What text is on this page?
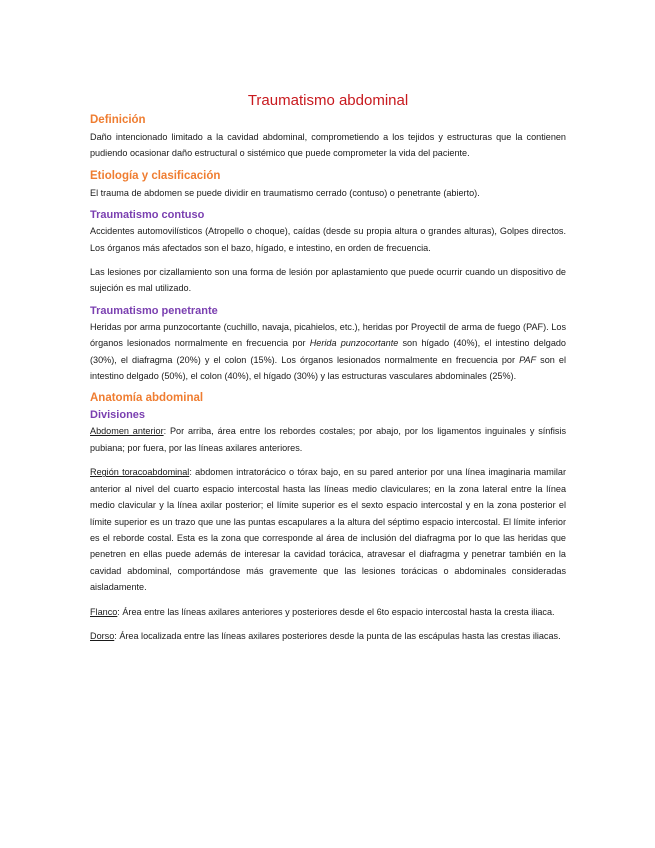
Traumatismo abdominal
Definición

Daño intencionado limitado a la cavidad abdominal, comprometiendo a los tejidos y estructuras que la contienen pudiendo ocasionar daño estructural o sistémico que puede comprometer la vida del paciente.

Etiología y clasificación

El trauma de abdomen se puede dividir en traumatismo cerrado (contuso) o penetrante (abierto).

Traumatismo contuso

Accidentes automovilísticos (Atropello o choque), caídas (desde su propia altura o grandes alturas), Golpes directos. Los órganos más afectados son el bazo, hígado, e intestino, en orden de frecuencia.

Las lesiones por cizallamiento son una forma de lesión por aplastamiento que puede ocurrir cuando un dispositivo de sujeción es mal utilizado.

Traumatismo penetrante

Heridas por arma punzocortante (cuchillo, navaja, picahielos, etc.), heridas por Proyectil de arma de fuego (PAF). Los órganos lesionados normalmente en frecuencia por Herida punzocortante son hígado (40%), el intestino delgado (30%), el diafragma (20%) y el colon (15%). Los órganos lesionados normalmente en frecuencia por PAF son el intestino delgado (50%), el colon (40%), el hígado (30%) y las estructuras vasculares abdominales (25%).

Anatomía abdominal
Divisiones

Abdomen anterior: Por arriba, área entre los rebordes costales; por abajo, por los ligamentos inguinales y sínfisis pubiana; por fuera, por las líneas axilares anteriores.

Región toracoabdominal: abdomen intratorácico o tórax bajo, en su pared anterior por una línea imaginaria mamilar anterior al nivel del cuarto espacio intercostal hasta las líneas medio claviculares; en la zona lateral entre la línea medio clavicular y la línea axilar posterior; el límite superior es el sexto espacio intercostal y en la zona posterior el límite superior es un trazo que une las puntas escapulares a la altura del séptimo espacio intercostal. El límite inferior es el reborde costal. Esta es la zona que corresponde al área de inclusión del diafragma por lo que las heridas que penetren en ellas puede además de interesar la cavidad torácica, atravesar el diafragma y penetrar también en la cavidad abdominal, comportándose más gravemente que las lesiones torácicas o abdominales consideradas aisladamente.

Flanco: Área entre las líneas axilares anteriores y posteriores desde el 6to espacio intercostal hasta la cresta iliaca.

Dorso: Área localizada entre las líneas axilares posteriores desde la punta de las escápulas hasta las crestas iliacas.
